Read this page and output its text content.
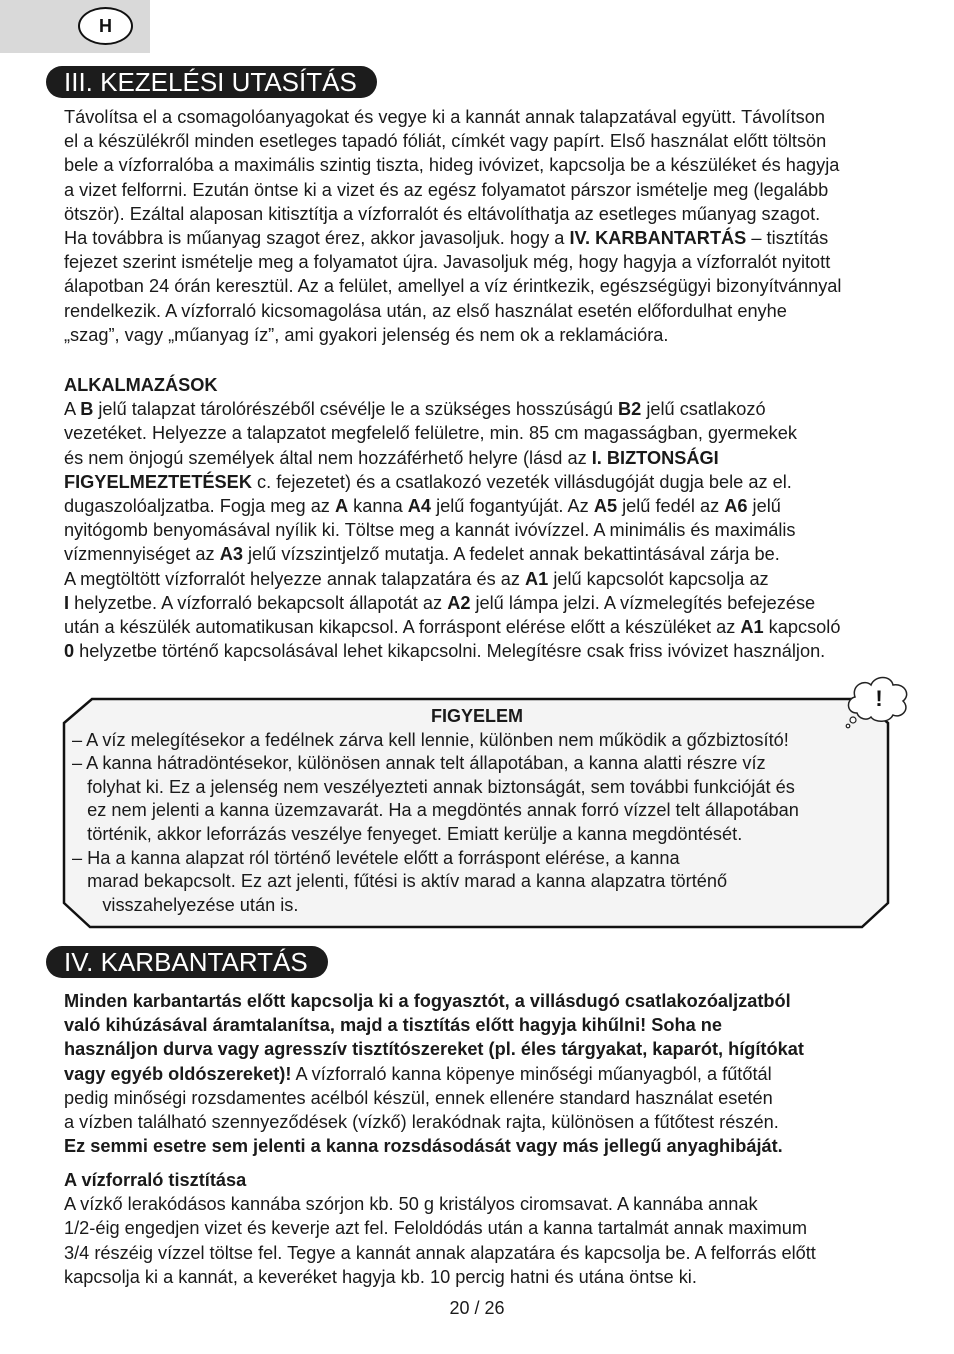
H
III. KEZELÉSI UTASÍTÁS

Távolítsa el a csomagolóanyagokat és vegye ki a kannát annak talapzatával együtt. Távolítson
el a készülékről minden esetleges tapadó fóliát, címkét vagy papírt. Első használat előtt töltsön
bele a vízforralóba a maximális szintig tiszta, hideg ivóvizet, kapcsolja be a készüléket és hagyja
a vizet felforrni. Ezután öntse ki a vizet és az egész folyamatot párszor ismételje meg (legalább
ötször). Ezáltal alaposan kitisztítja a vízforralót és eltávolíthatja az esetleges műanyag szagot.
Ha továbbra is műanyag szagot érez, akkor javasoljuk. hogy a IV. KARBANTARTÁS – tisztítás
fejezet szerint ismételje meg a folyamatot újra. Javasoljuk még, hogy hagyja a vízforralót nyitott
álapotban 24 órán keresztül. Az a felület, amellyel a víz érintkezik, egészségügyi bizonyítvánnyal
rendelkezik. A vízforraló kicsomagolása után, az első használat esetén előfordulhat enyhe
„szag”, vagy „műanyag íz”, ami gyakori jelenség és nem ok a reklamációra.

ALKALMAZÁSOK

A B jelű talapzat tárolórészéből csévélje le a szükséges hosszúságú B2 jelű csatlakozó
vezetéket. Helyezze a talapzatot megfelelő felületre, min. 85 cm magasságban, gyermekek
és nem önjogú személyek által nem hozzáférhető helyre (lásd az I. BIZTONSÁGI
FIGYELMEZTETÉSEK c. fejezetet) és a csatlakozó vezeték villásdugóját dugja bele az el.
dugaszolóaljzatba. Fogja meg az A kanna A4 jelű fogantyúját. Az A5 jelű fedél az A6 jelű
nyitógomb benyomásával nyílik ki. Töltse meg a kannát ivóvízzel. A minimális és maximális
vízmennyiséget az A3 jelű vízszintjelző mutatja. A fedelet annak bekattintásával zárja be.
A megtöltött vízforralót helyezze annak talapzatára és az A1 jelű kapcsolót kapcsolja az
I helyzetbe. A vízforraló bekapcsolt állapotát az A2 jelű lámpa jelzi. A vízmelegítés befejezése
után a készülék automatikusan kikapcsol. A forráspont elérése előtt a készüléket az A1 kapcsoló
0 helyzetbe történő kapcsolásával lehet kikapcsolni. Melegítésre csak friss ivóvizet használjon.

!
FIGYELEM
– A víz melegítésekor a fedélnek zárva kell lennie, különben nem működik a gőzbiztosító!
– A kanna hátradöntésekor, különösen annak telt állapotában, a kanna alatti részre víz
folyhat ki. Ez a jelenség nem veszélyezteti annak biztonságát, sem további funkcióját és
ez nem jelenti a kanna üzemzavarát. Ha a megdöntés annak forró vízzel telt állapotában
történik, akkor leforrázás veszélye fenyeget. Emiatt kerülje a kanna megdöntését.
– Ha a kanna alapzat ról történő levétele előtt a forráspont elérése, a kanna
marad bekapcsolt. Ez azt jelenti, fűtési is aktív marad a kanna alapzatra történő
visszahelyezése után is.
IV. KARBANTARTÁS

Minden karbantartás előtt kapcsolja ki a fogyasztót, a villásdugó csatlakozóaljzatból
való kihúzásával áramtalanítsa, majd a tisztítás előtt hagyja kihűlni! Soha ne
használjon durva vagy agresszív tisztítószereket (pl. éles tárgyakat, kaparót, hígítókat
vagy egyéb oldószereket)! A vízforraló kanna köpenye minőségi műanyagból, a fűtőtál
pedig minőségi rozsdamentes acélból készül, ennek ellenére standard használat esetén
a vízben található szennyeződések (vízkő) lerakódnak rajta, különösen a fűtőtest részén.
Ez semmi esetre sem jelenti a kanna rozsdásodását vagy más jellegű anyaghibáját.

A vízforraló tisztítása

A vízkő lerakódásos kannába szórjon kb. 50 g kristályos ciromsavat. A kannába annak
1/2-éig engedjen vizet és keverje azt fel. Feloldódás után a kanna tartalmát annak maximum
3/4 részéig vízzel töltse fel. Tegye a kannát annak alapzatára és kapcsolja be. A felforrás előtt
kapcsolja ki a kannát, a keveréket hagyja kb. 10 percig hatni és utána öntse ki.

20 / 26
